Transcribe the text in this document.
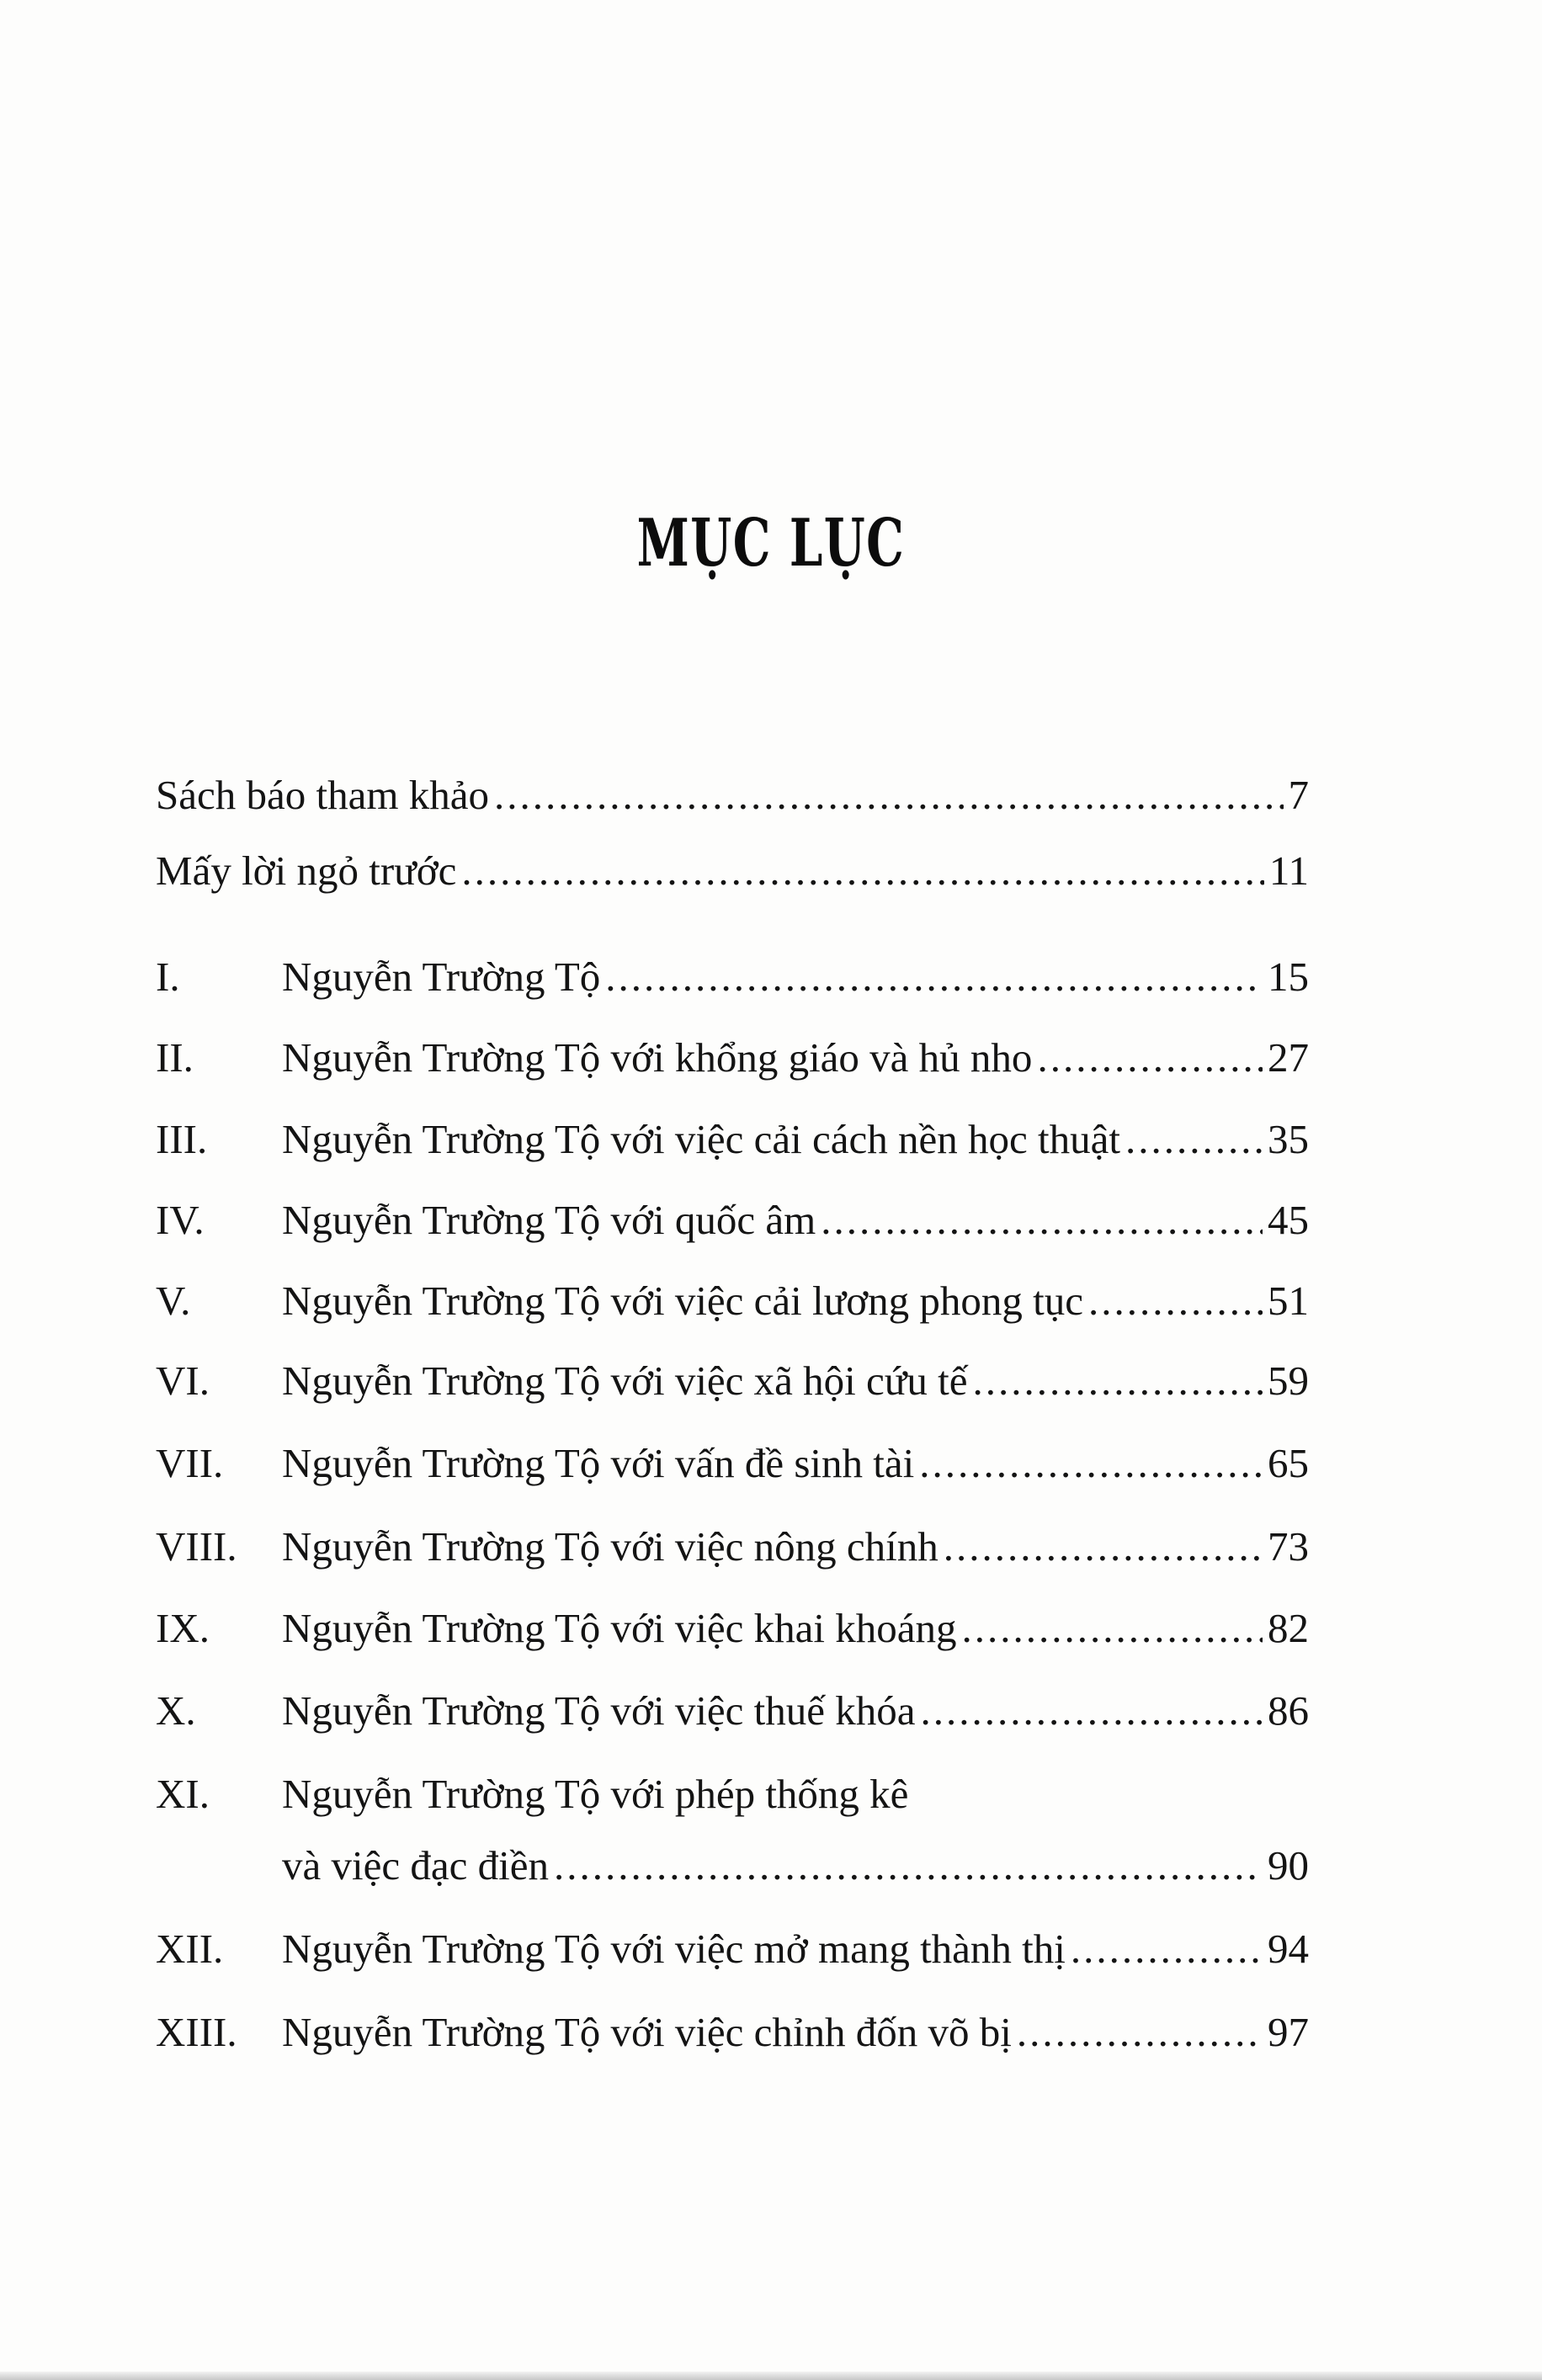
MỤC LỤC
Sách báo tham khảo .....	7
Mấy lời ngỏ trước .....	11
I.	Nguyễn Trường Tộ .....	15
II.	Nguyễn Trường Tộ với khổng giáo và hủ nho .....	27
III.	Nguyễn Trường Tộ với việc cải cách nền học thuật .....	35
IV.	Nguyễn Trường Tộ với quốc âm .....	45
V.	Nguyễn Trường Tộ với việc cải lương phong tục .....	51
VI.	Nguyễn Trường Tộ với việc xã hội cứu tế .....	59
VII.	Nguyễn Trường Tộ với vấn đề sinh tài .....	65
VIII.	Nguyễn Trường Tộ với việc nông chính .....	73
IX.	Nguyễn Trường Tộ với việc khai khoáng .....	82
X.	Nguyễn Trường Tộ với việc thuế khóa .....	86
XI.	Nguyễn Trường Tộ với phép thống kê
và việc đạc điền .....	90
XII.	Nguyễn Trường Tộ với việc mở mang thành thị .....	94
XIII.	Nguyễn Trường Tộ với việc chỉnh đốn võ bị .....	97
